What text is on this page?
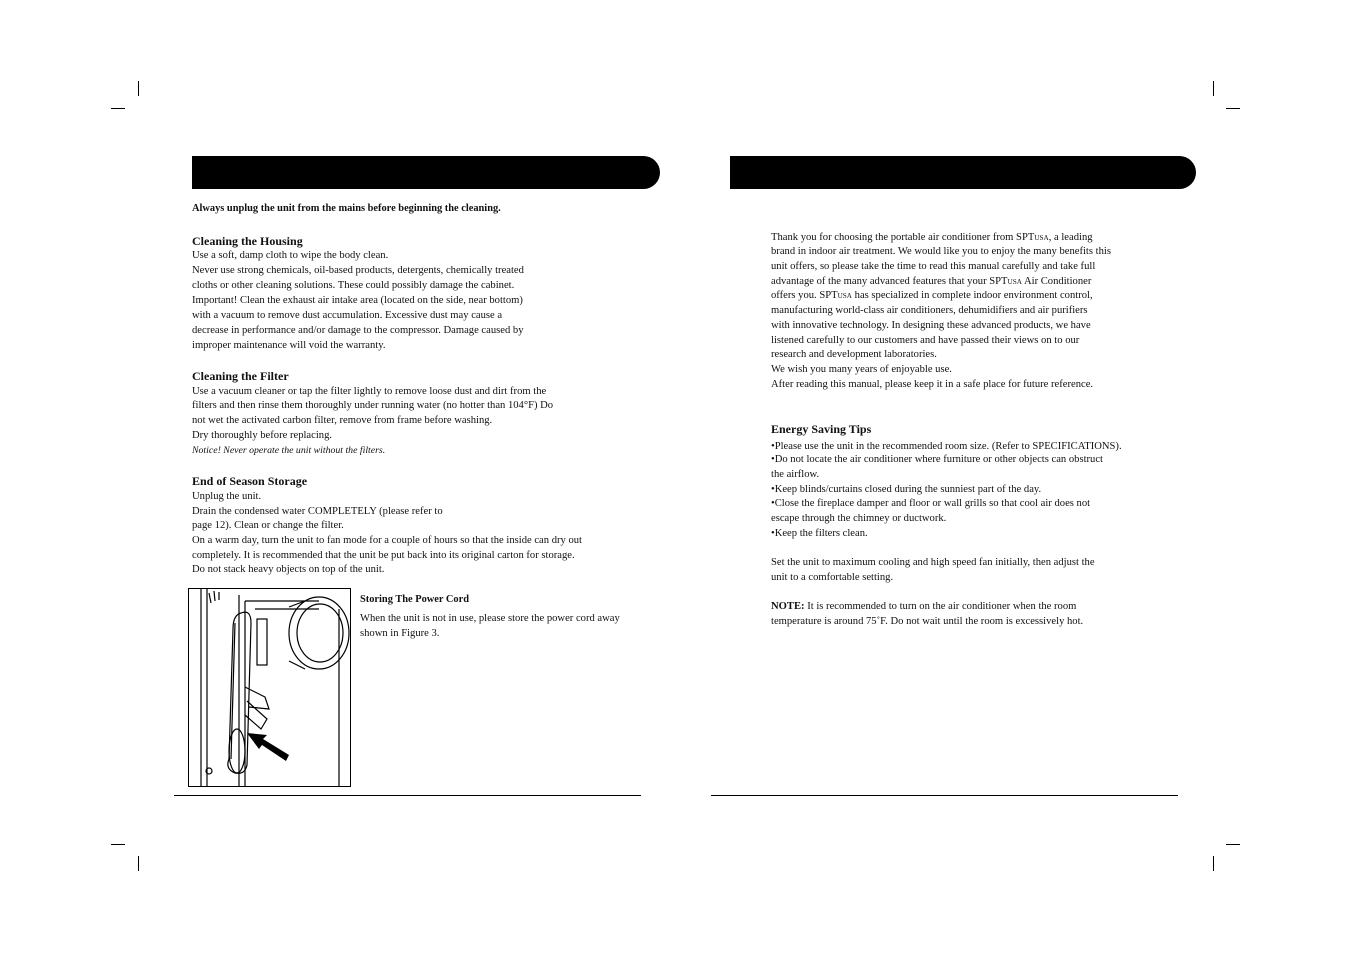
Always unplug the unit from the mains before beginning the cleaning.
Cleaning the Housing
Use a soft, damp cloth to wipe the body clean.
Never use strong chemicals, oil-based products, detergents, chemically treated
cloths or other cleaning solutions. These could possibly damage the cabinet.
Important! Clean the exhaust air intake area (located on the side, near bottom)
with a vacuum to remove dust accumulation. Excessive dust may cause a
decrease in performance and/or damage to the compressor. Damage caused by
improper maintenance will void the warranty.
Cleaning the Filter
Use a vacuum cleaner or tap the filter lightly to remove loose dust and dirt from the
filters and then rinse them thoroughly under running water (no hotter than 104°F) Do
not wet the activated carbon filter, remove from frame before washing.
Dry thoroughly before replacing.
Notice! Never operate the unit without the filters.
End of Season Storage
Unplug the unit.
Drain the condensed water COMPLETELY (please refer to
page 12). Clean or change the filter.
On a warm day, turn the unit to fan mode for a couple of hours so that the inside can dry out
completely. It is recommended that the unit be put back into its original carton for storage.
Do not stack heavy objects on top of the unit.
Storing The Power Cord
When the unit is not in use, please store the power cord away
shown in Figure 3.
Thank you for choosing the portable air conditioner from SPTUSA, a leading
brand in indoor air treatment. We would like you to enjoy the many benefits this
unit offers, so please take the time to read this manual carefully and take full
advantage of the many advanced features that your SPTUSA Air Conditioner
offers you. SPTUSA has specialized in complete indoor environment control,
manufacturing world-class air conditioners, dehumidifiers and air purifiers
with innovative technology. In designing these advanced products, we have
listened carefully to our customers and have passed their views on to our
research and development laboratories.
We wish you many years of enjoyable use.
After reading this manual, please keep it in a safe place for future reference.
Energy Saving Tips
•Please use the unit in the recommended room size. (Refer to SPECIFICATIONS).
•Do not locate the air conditioner where furniture or other objects can obstruct
the airflow.
•Keep blinds/curtains closed during the sunniest part of the day.
•Close the fireplace damper and floor or wall grills so that cool air does not
escape through the chimney or ductwork.
•Keep the filters clean.
Set the unit to maximum cooling and high speed fan initially, then adjust the
unit to a comfortable setting.
NOTE: It is recommended to turn on the air conditioner when the room
temperature is around 75˚F. Do not wait until the room is excessively hot.
